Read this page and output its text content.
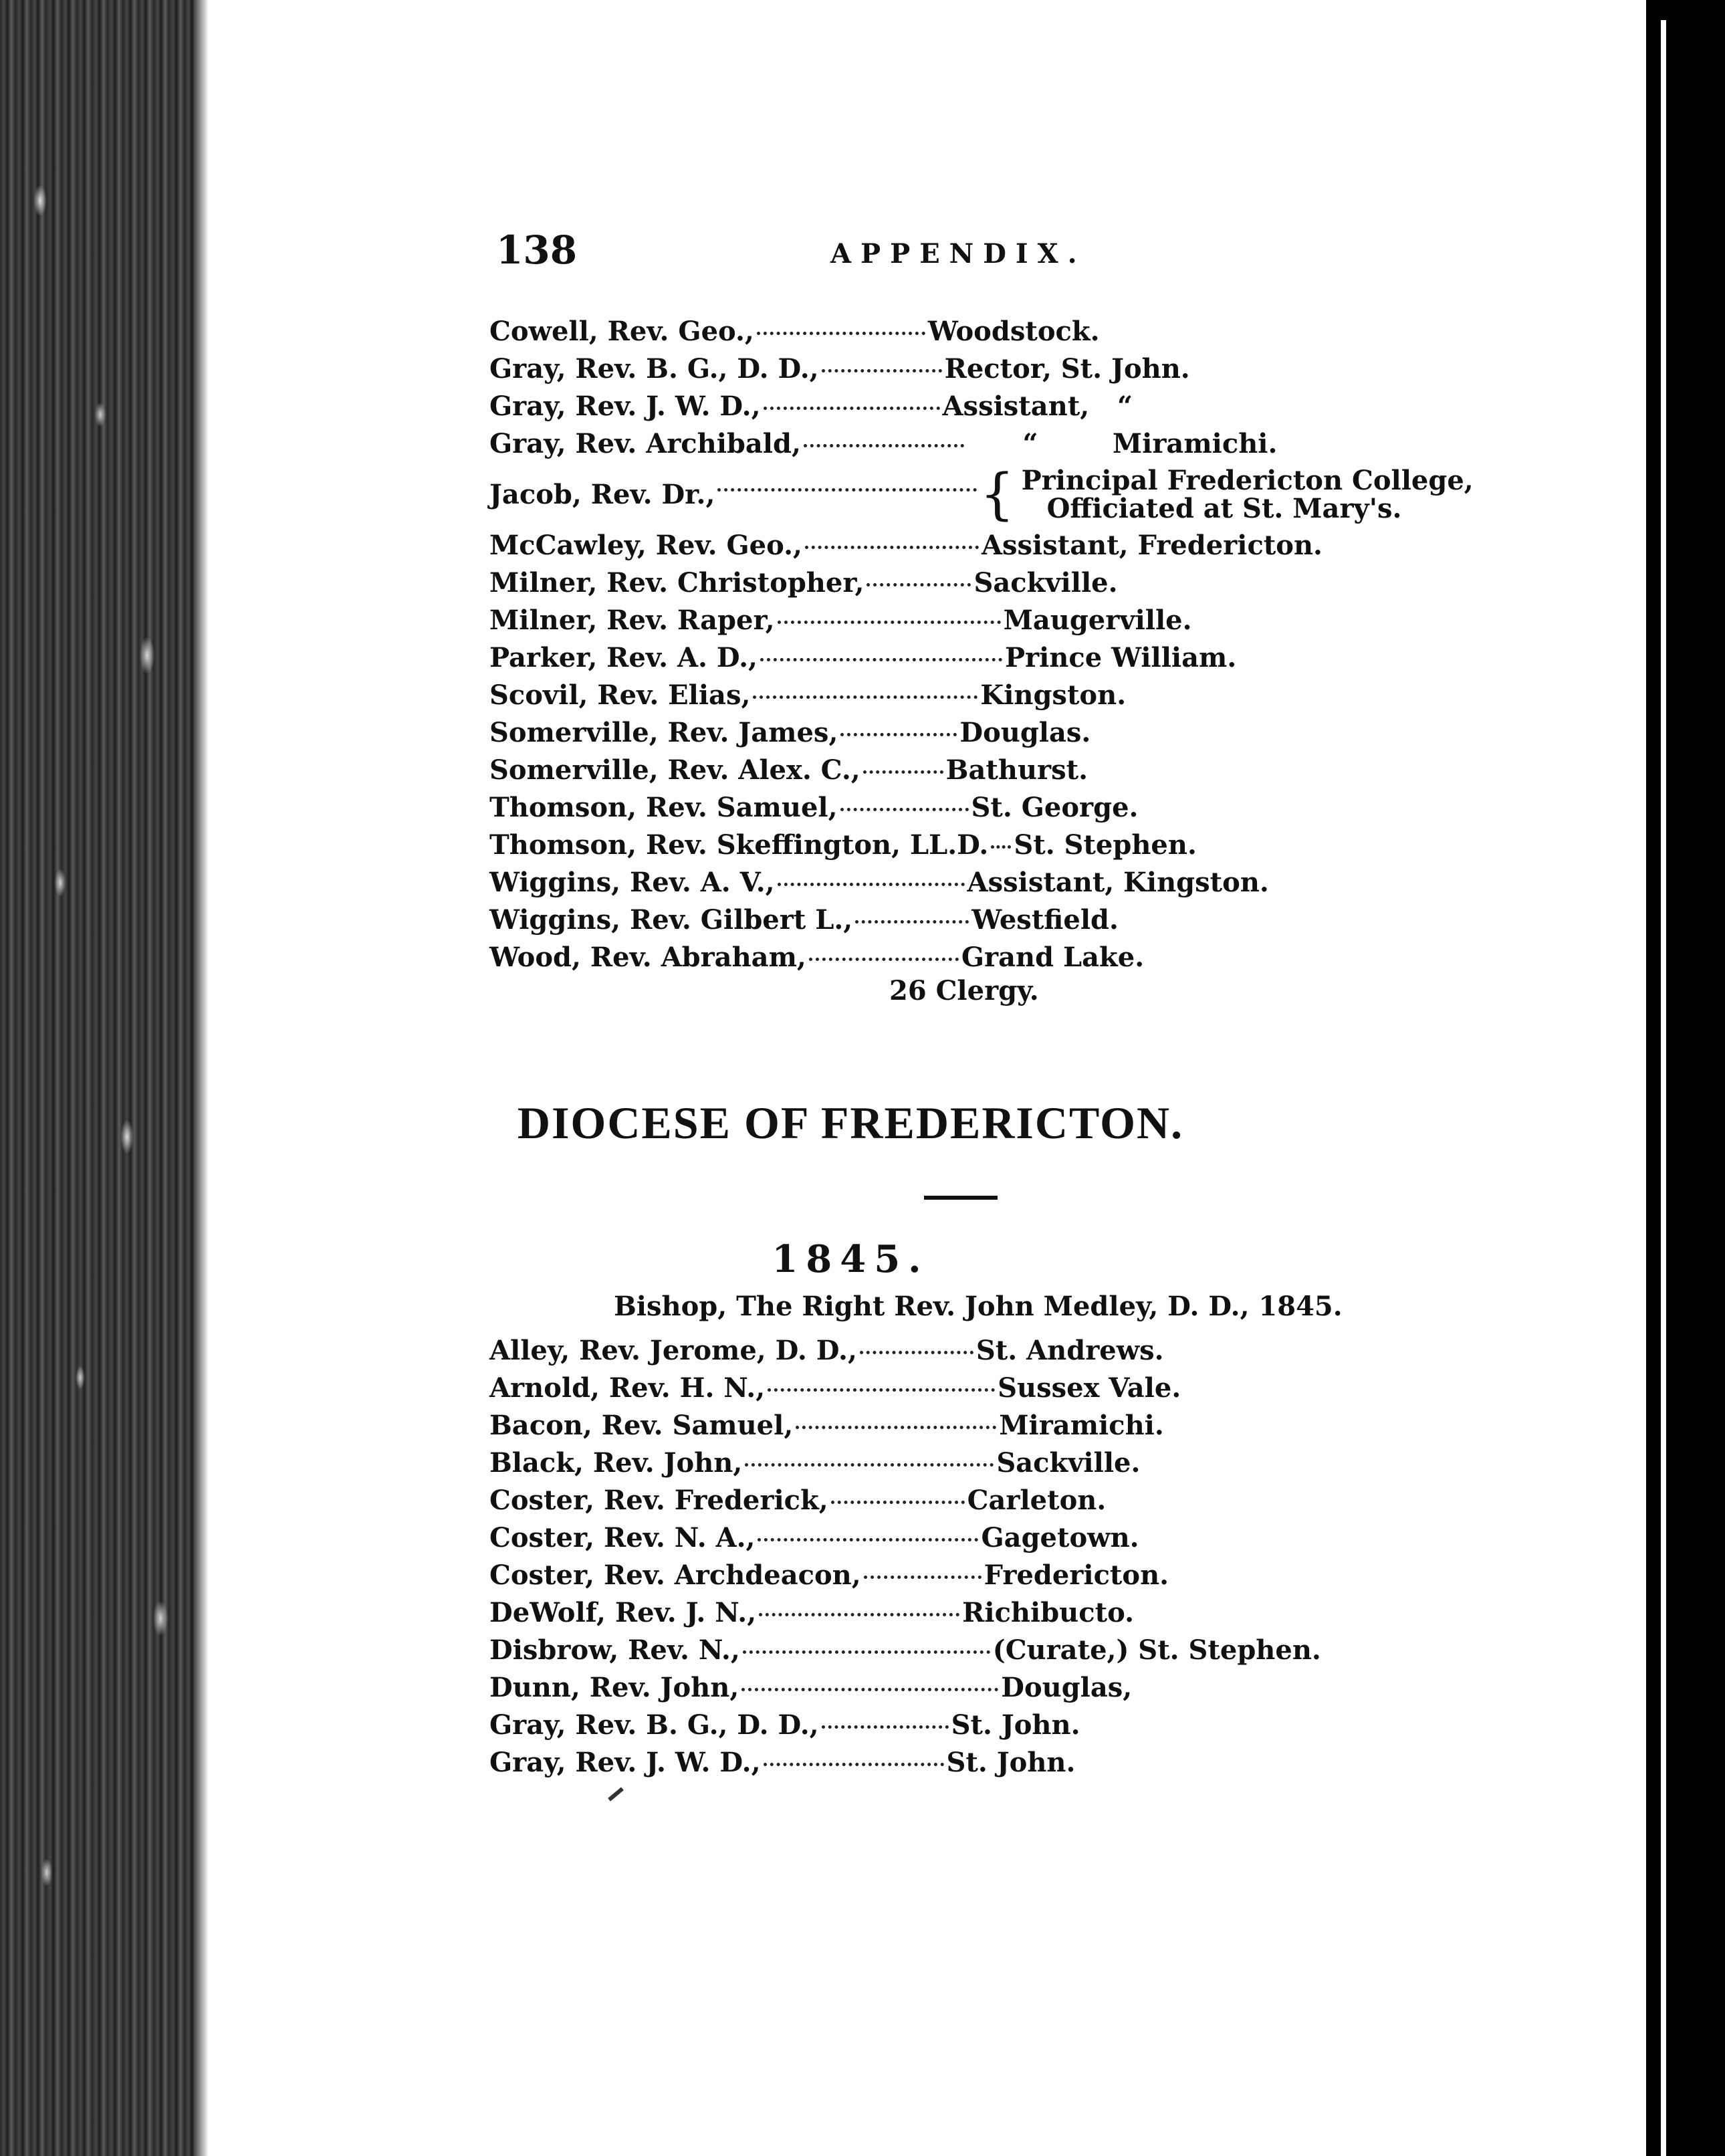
138	APPENDIX.
Cowell, Rev. Geo.,	Woodstock.
Gray, Rev. B. G., D. D.,	Rector, St. John.
Gray, Rev. J. W. D.,	Assistant,   “
Gray, Rev. Archibald,	“        Miramichi.
Jacob, Rev. Dr.,	{ Principal Fredericton College,
Officiated at St. Mary's.
McCawley, Rev. Geo.,	Assistant, Fredericton.
Milner, Rev. Christopher,	Sackville.
Milner, Rev. Raper,	Maugerville.
Parker, Rev. A. D.,	Prince William.
Scovil, Rev. Elias,	Kingston.
Somerville, Rev. James,	Douglas.
Somerville, Rev. Alex. C.,	Bathurst.
Thomson, Rev. Samuel,	St. George.
Thomson, Rev. Skeffington, LL.D. St. Stephen.
Wiggins, Rev. A. V.,	Assistant, Kingston.
Wiggins, Rev. Gilbert L.,	Westfield.
Wood, Rev. Abraham,	Grand Lake.
26 Clergy.
DIOCESE OF FREDERICTON.
1845.
Bishop, The Right Rev. John Medley, D. D., 1845.
Alley, Rev. Jerome, D. D.,	St. Andrews.
Arnold, Rev. H. N.,	Sussex Vale.
Bacon, Rev. Samuel,	Miramichi.
Black, Rev. John,	Sackville.
Coster, Rev. Frederick,	Carleton.
Coster, Rev. N. A.,	Gagetown.
Coster, Rev. Archdeacon,	Fredericton.
DeWolf, Rev. J. N.,	Richibucto.
Disbrow, Rev. N.,	(Curate,) St. Stephen.
Dunn, Rev. John,	Douglas,
Gray, Rev. B. G., D. D.,	St. John.
Gray, Rev. J. W. D.,	St. John.
